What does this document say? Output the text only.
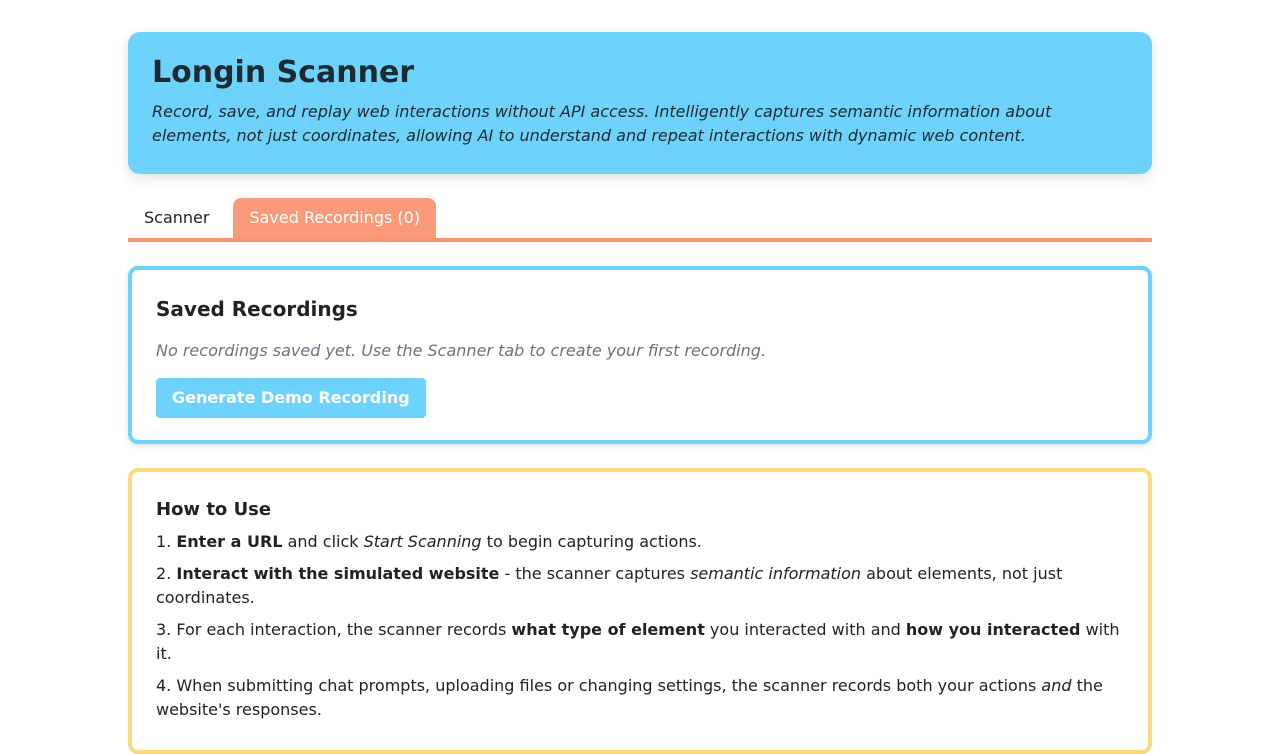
Longin Scanner

Record, save, and replay web interactions without API access. Intelligently captures semantic information about elements, not just coordinates, allowing AI to understand and repeat interactions with dynamic web content.

Scanner	Saved Recordings (0)
Saved Recordings

No recordings saved yet. Use the Scanner tab to create your first recording.

Generate Demo Recording
How to Use

1. Enter a URL and click Start Scanning to begin capturing actions.

2. Interact with the simulated website - the scanner captures semantic information about elements, not just coordinates.

3. For each interaction, the scanner records what type of element you interacted with and how you interacted with it.

4. When submitting chat prompts, uploading files or changing settings, the scanner records both your actions and the website's responses.
